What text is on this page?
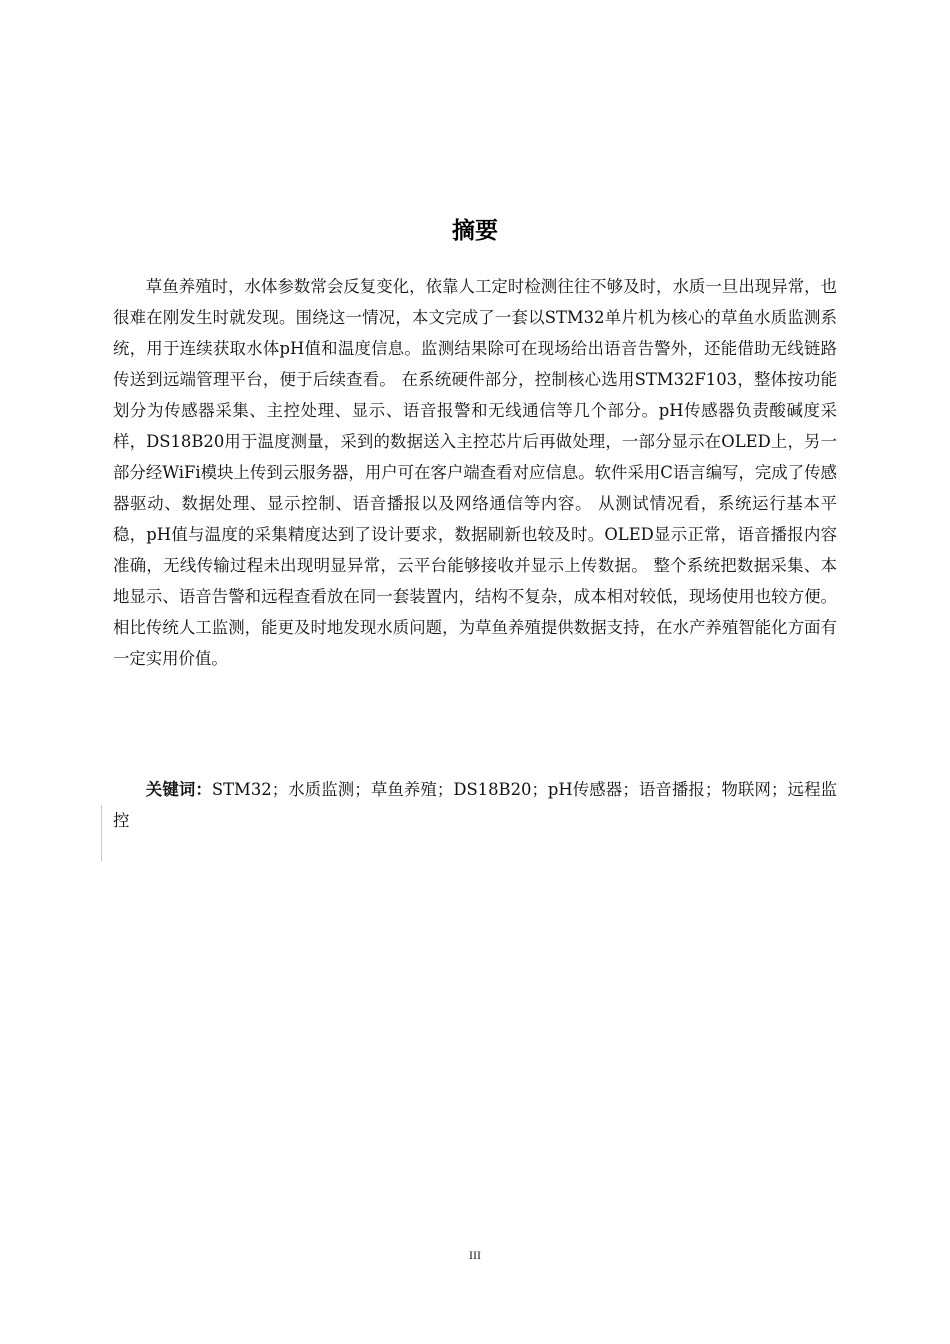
摘要

草鱼养殖时，水体参数常会反复变化，依靠人工定时检测往往不够及时，水质一旦出现异常，也很难在刚发生时就发现。围绕这一情况，本文完成了一套以STM32单片机为核心的草鱼水质监测系统，用于连续获取水体pH值和温度信息。监测结果除可在现场给出语音告警外，还能借助无线链路传送到远端管理平台，便于后续查看。 在系统硬件部分，控制核心选用STM32F103，整体按功能划分为传感器采集、主控处理、显示、语音报警和无线通信等几个部分。pH传感器负责酸碱度采样，DS18B20用于温度测量，采到的数据送入主控芯片后再做处理，一部分显示在OLED上，另一部分经WiFi模块上传到云服务器，用户可在客户端查看对应信息。软件采用C语言编写，完成了传感器驱动、数据处理、显示控制、语音播报以及网络通信等内容。 从测试情况看，系统运行基本平稳，pH值与温度的采集精度达到了设计要求，数据刷新也较及时。OLED显示正常，语音播报内容准确，无线传输过程未出现明显异常，云平台能够接收并显示上传数据。 整个系统把数据采集、本地显示、语音告警和远程查看放在同一套装置内，结构不复杂，成本相对较低，现场使用也较方便。相比传统人工监测，能更及时地发现水质问题，为草鱼养殖提供数据支持，在水产养殖智能化方面有一定实用价值。

关键词：STM32；水质监测；草鱼养殖；DS18B20；pH传感器；语音播报；物联网；远程监控

III
